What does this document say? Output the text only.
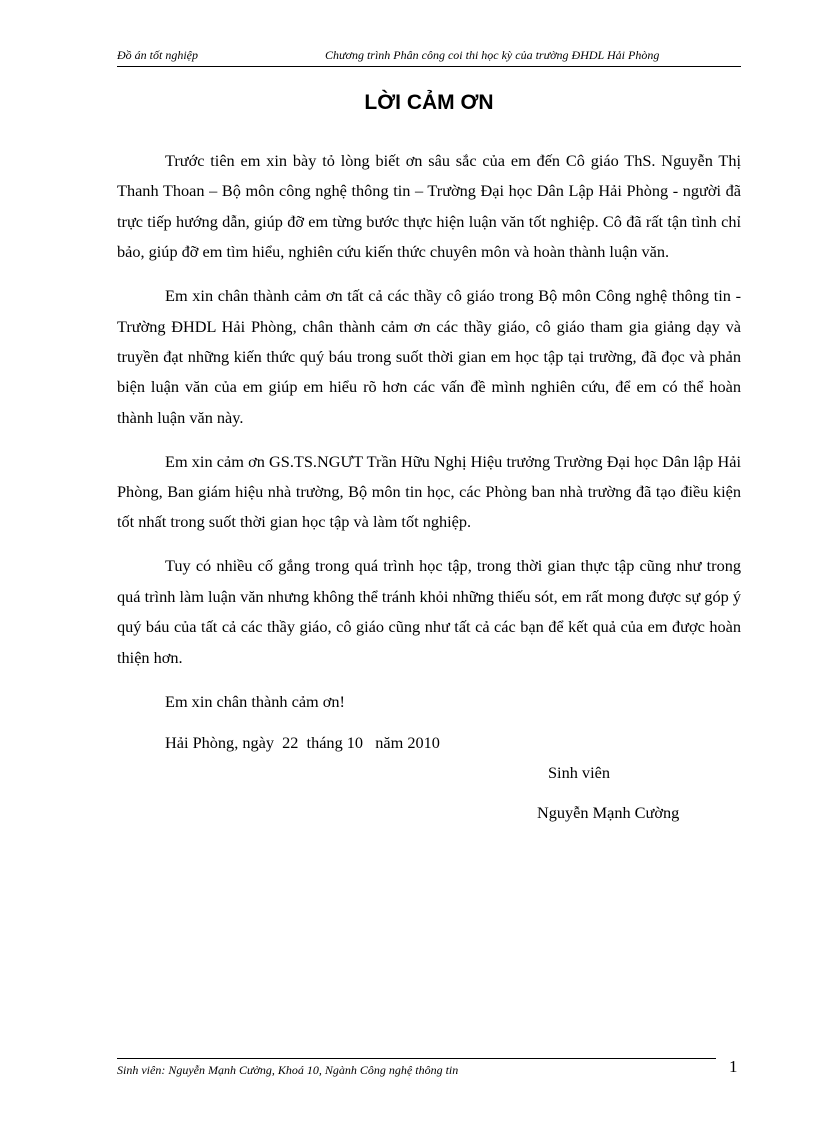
Đồ án tốt nghiệp	Chương trình Phân công coi thi học kỳ của trường ĐHDL Hải Phòng
LỜI CẢM ƠN

Trước tiên em xin bày tỏ lòng biết ơn sâu sắc của em đến Cô giáo ThS. Nguyễn Thị Thanh Thoan – Bộ môn công nghệ thông tin – Trường Đại học Dân Lập Hải Phòng - người đã trực tiếp hướng dẫn, giúp đỡ em từng bước thực hiện luận văn tốt nghiệp. Cô đã rất tận tình chỉ bảo, giúp đỡ em tìm hiểu, nghiên cứu kiến thức chuyên môn và hoàn thành luận văn.

Em xin chân thành cảm ơn tất cả các thầy cô giáo trong Bộ môn Công nghệ thông tin - Trường ĐHDL Hải Phòng, chân thành cảm ơn các thầy giáo, cô giáo tham gia giảng dạy và truyền đạt những kiến thức quý báu trong suốt thời gian em học tập tại trường, đã đọc và phản biện luận văn của em giúp em hiểu rõ hơn các vấn đề mình nghiên cứu, để em có thể hoàn thành luận văn này.

Em xin cảm ơn GS.TS.NGƯT Trần Hữu Nghị Hiệu trưởng Trường Đại học Dân lập Hải Phòng, Ban giám hiệu nhà trường, Bộ môn tin học, các Phòng ban nhà trường đã tạo điều kiện tốt nhất trong suốt thời gian học tập và làm tốt nghiệp.

Tuy có nhiều cố gắng trong quá trình học tập, trong thời gian thực tập cũng như trong quá trình làm luận văn nhưng không thể tránh khỏi những thiếu sót, em rất mong được sự góp ý quý báu của tất cả các thầy giáo, cô giáo cũng như tất cả các bạn để kết quả của em được hoàn thiện hơn.

Em xin chân thành cảm ơn!

Hải Phòng, ngày  22  tháng 10   năm 2010

Sinh viên
Nguyễn Mạnh Cường
Sinh viên: Nguyễn Mạnh Cường, Khoá 10, Ngành Công nghệ thông tin	1
